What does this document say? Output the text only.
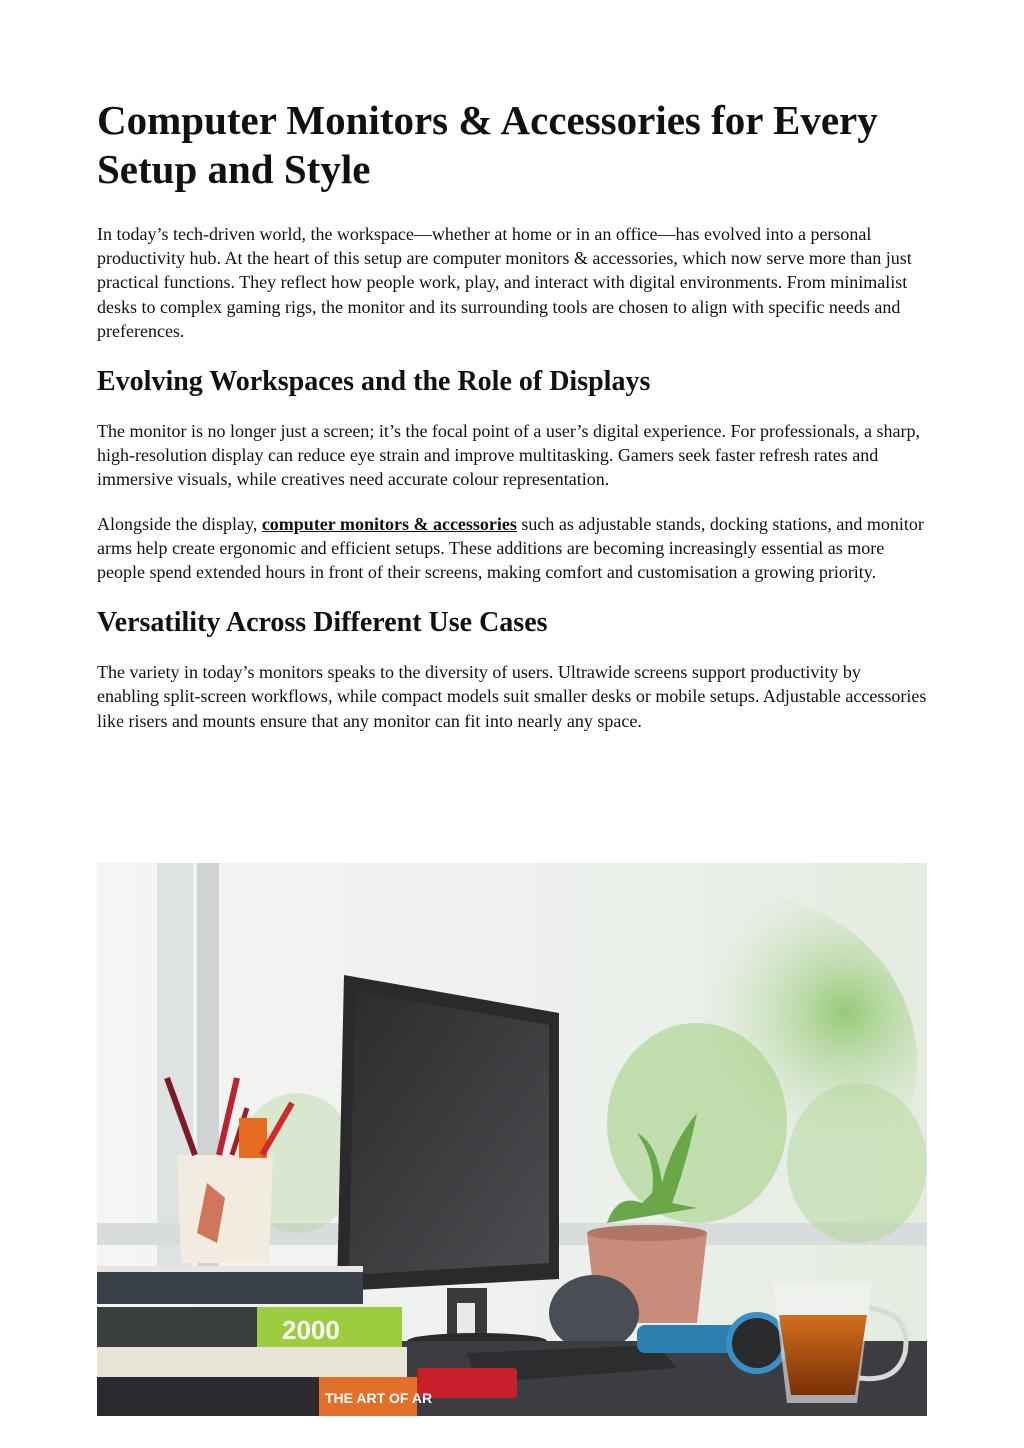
Computer Monitors & Accessories for Every Setup and Style

In today’s tech-driven world, the workspace—whether at home or in an office—has evolved into a personal productivity hub. At the heart of this setup are computer monitors & accessories, which now serve more than just practical functions. They reflect how people work, play, and interact with digital environments. From minimalist desks to complex gaming rigs, the monitor and its surrounding tools are chosen to align with specific needs and preferences.

Evolving Workspaces and the Role of Displays

The monitor is no longer just a screen; it’s the focal point of a user’s digital experience. For professionals, a sharp, high-resolution display can reduce eye strain and improve multitasking. Gamers seek faster refresh rates and immersive visuals, while creatives need accurate colour representation.

Alongside the display, computer monitors & accessories such as adjustable stands, docking stations, and monitor arms help create ergonomic and efficient setups. These additions are becoming increasingly essential as more people spend extended hours in front of their screens, making comfort and customisation a growing priority.

Versatility Across Different Use Cases

The variety in today’s monitors speaks to the diversity of users. Ultrawide screens support productivity by enabling split-screen workflows, while compact models suit smaller desks or mobile setups. Adjustable accessories like risers and mounts ensure that any monitor can fit into nearly any space.

2000
THE ART OF AR
